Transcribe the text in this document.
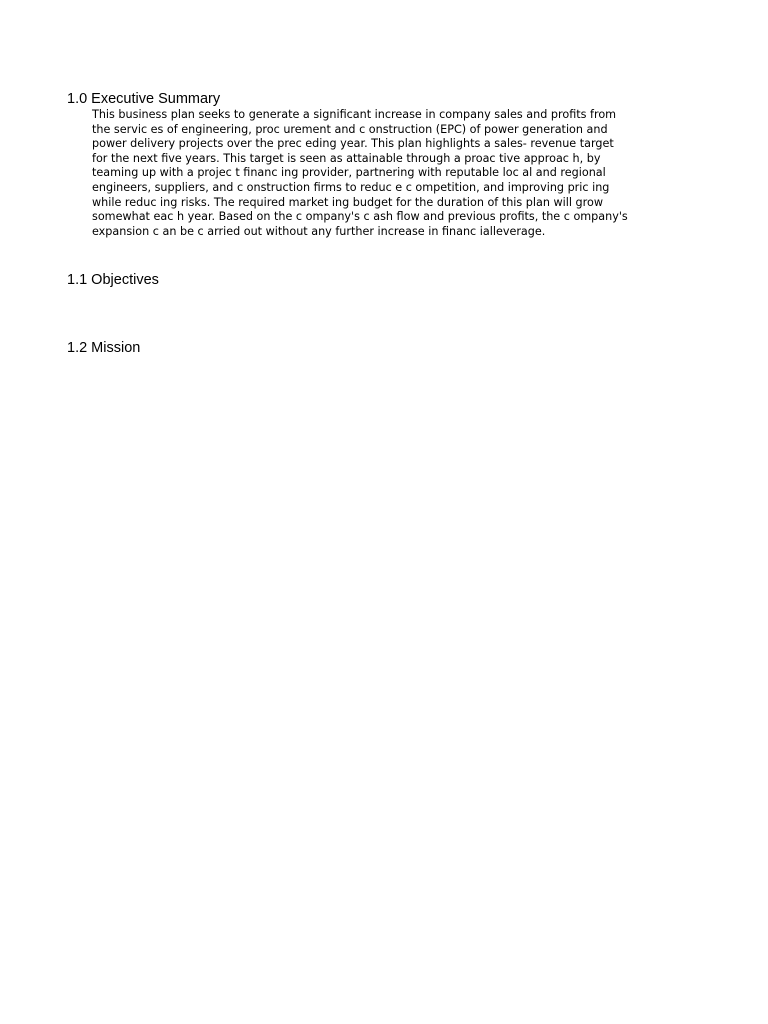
1.0 Executive Summary
This business plan seeks to generate a significant increase in company sales and profits from
the servic es of engineering, proc urement and c onstruction (EPC) of power generation and
power delivery projects over the prec eding year. This plan highlights a sales- revenue target
for the next five years. This target is seen as attainable through a proac tive approac h, by
teaming up with a projec t financ ing provider, partnering with reputable loc al and regional
engineers, suppliers, and c onstruction firms to reduc e c ompetition, and improving pric ing
while reduc ing risks. The required market ing budget for the duration of this plan will grow
somewhat eac h year. Based on the c ompany's c ash flow and previous profits, the c ompany's
expansion c an be c arried out without any further increase in financ ialleverage.
1.1 Objectives
1.2 Mission
